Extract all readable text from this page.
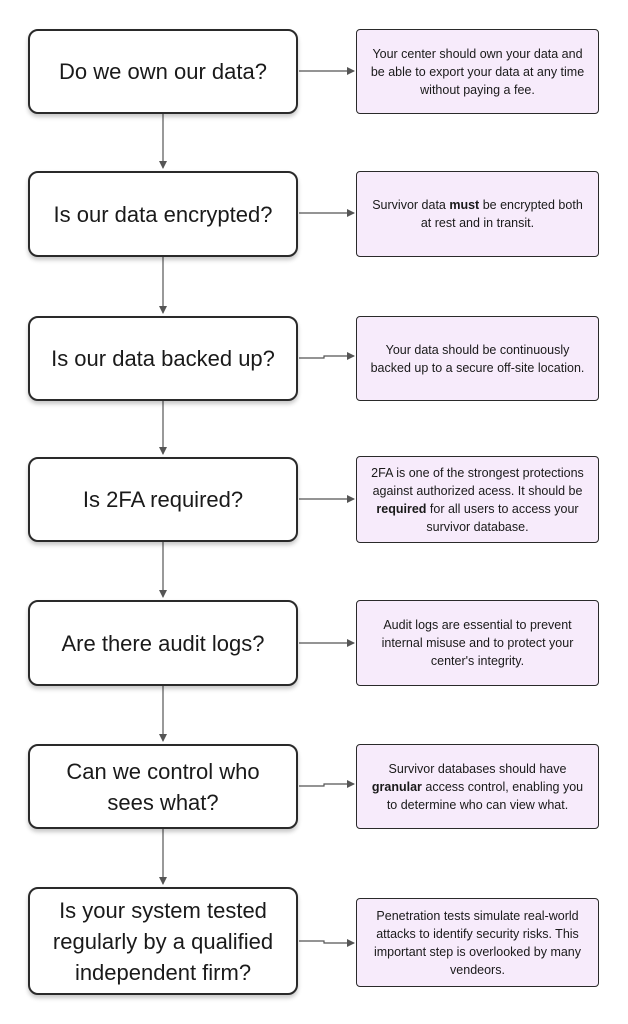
Do we own our data?
Is our data encrypted?
Is our data backed up?
Is 2FA required?
Are there audit logs?
Can we control who sees what?
Is your system tested regularly by a qualified independent firm?
Your center should own your data and be able to export your data at any time without paying a fee.
Survivor data must be encrypted both at rest and in transit.
Your data should be continuously backed up to a secure off-site location.
2FA is one of the strongest protections against authorized acess. It should be required for all users to access your survivor database.
Audit logs are essential to prevent internal misuse and to protect your center's integrity.
Survivor databases should have granular access control, enabling you to determine who can view what.
Penetration tests simulate real-world attacks to identify security risks. This important step is overlooked by many vendeors.
